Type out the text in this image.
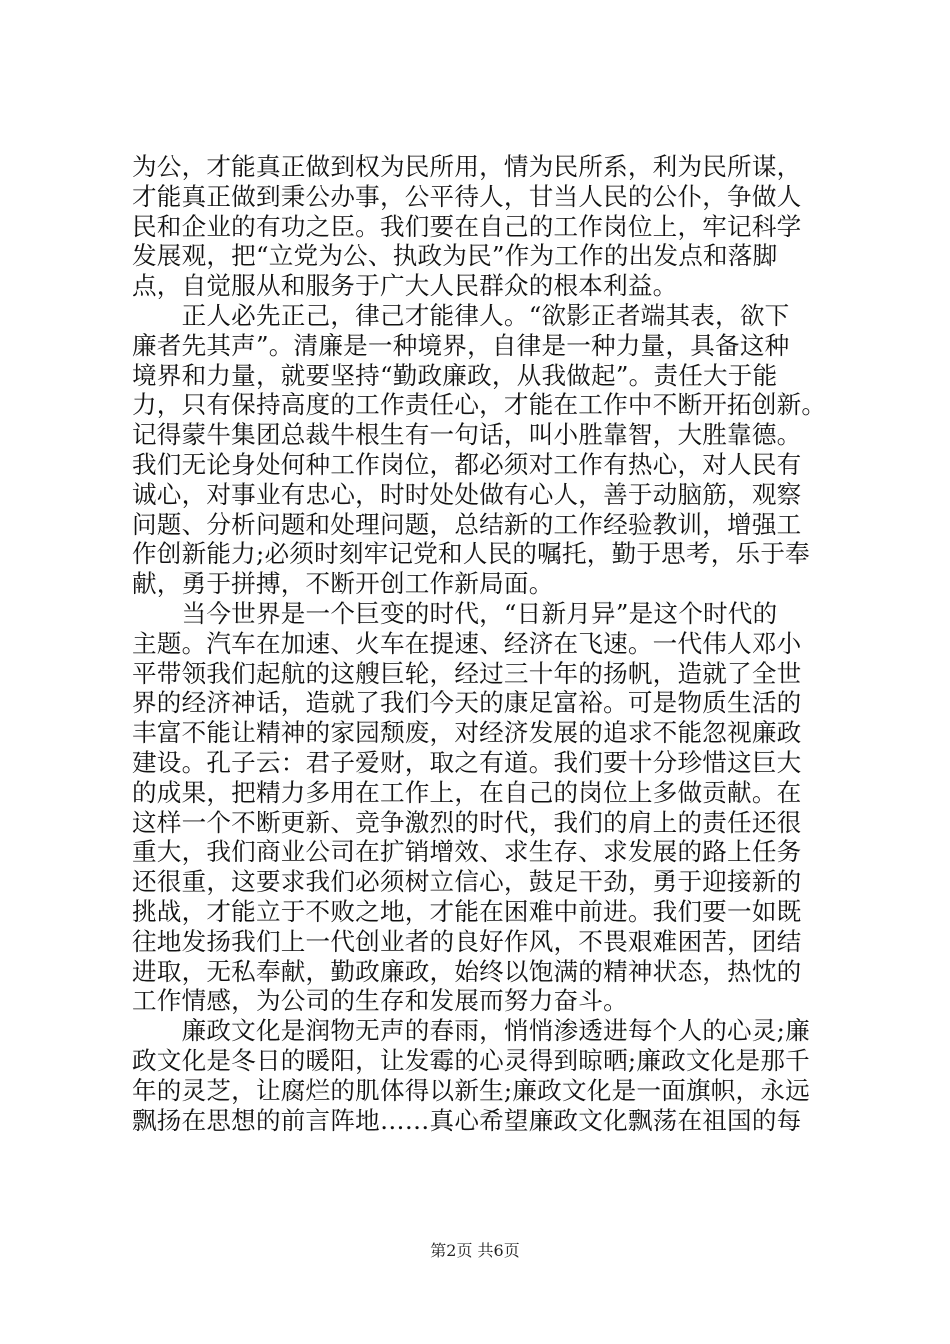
为公，才能真正做到权为民所用，情为民所系，利为民所谋，
才能真正做到秉公办事，公平待人，甘当人民的公仆，争做人
民和企业的有功之臣。我们要在自己的工作岗位上，牢记科学
发展观，把“立党为公、执政为民”作为工作的出发点和落脚
点，自觉服从和服务于广大人民群众的根本利益。
　　正人必先正己，律己才能律人。“欲影正者端其表，欲下
廉者先其声”。清廉是一种境界，自律是一种力量，具备这种
境界和力量，就要坚持“勤政廉政，从我做起”。责任大于能
力，只有保持高度的工作责任心，才能在工作中不断开拓创新。
记得蒙牛集团总裁牛根生有一句话，叫小胜靠智，大胜靠德。
我们无论身处何种工作岗位，都必须对工作有热心，对人民有
诚心，对事业有忠心，时时处处做有心人，善于动脑筋，观察
问题、分析问题和处理问题，总结新的工作经验教训，增强工
作创新能力;必须时刻牢记党和人民的嘱托，勤于思考，乐于奉
献，勇于拼搏，不断开创工作新局面。
　　当今世界是一个巨变的时代，“日新月异”是这个时代的
主题。汽车在加速、火车在提速、经济在飞速。一代伟人邓小
平带领我们起航的这艘巨轮，经过三十年的扬帆，造就了全世
界的经济神话，造就了我们今天的康足富裕。可是物质生活的
丰富不能让精神的家园颓废，对经济发展的追求不能忽视廉政
建设。孔子云：君子爱财，取之有道。我们要十分珍惜这巨大
的成果，把精力多用在工作上，在自己的岗位上多做贡献。在
这样一个不断更新、竞争激烈的时代，我们的肩上的责任还很
重大，我们商业公司在扩销增效、求生存、求发展的路上任务
还很重，这要求我们必须树立信心，鼓足干劲，勇于迎接新的
挑战，才能立于不败之地，才能在困难中前进。我们要一如既
往地发扬我们上一代创业者的良好作风，不畏艰难困苦，团结
进取，无私奉献，勤政廉政，始终以饱满的精神状态，热忱的
工作情感，为公司的生存和发展而努力奋斗。
　　廉政文化是润物无声的春雨，悄悄渗透进每个人的心灵;廉
政文化是冬日的暖阳，让发霉的心灵得到晾晒;廉政文化是那千
年的灵芝，让腐烂的肌体得以新生;廉政文化是一面旗帜，永远
飘扬在思想的前言阵地……真心希望廉政文化飘荡在祖国的每
第2页 共6页
